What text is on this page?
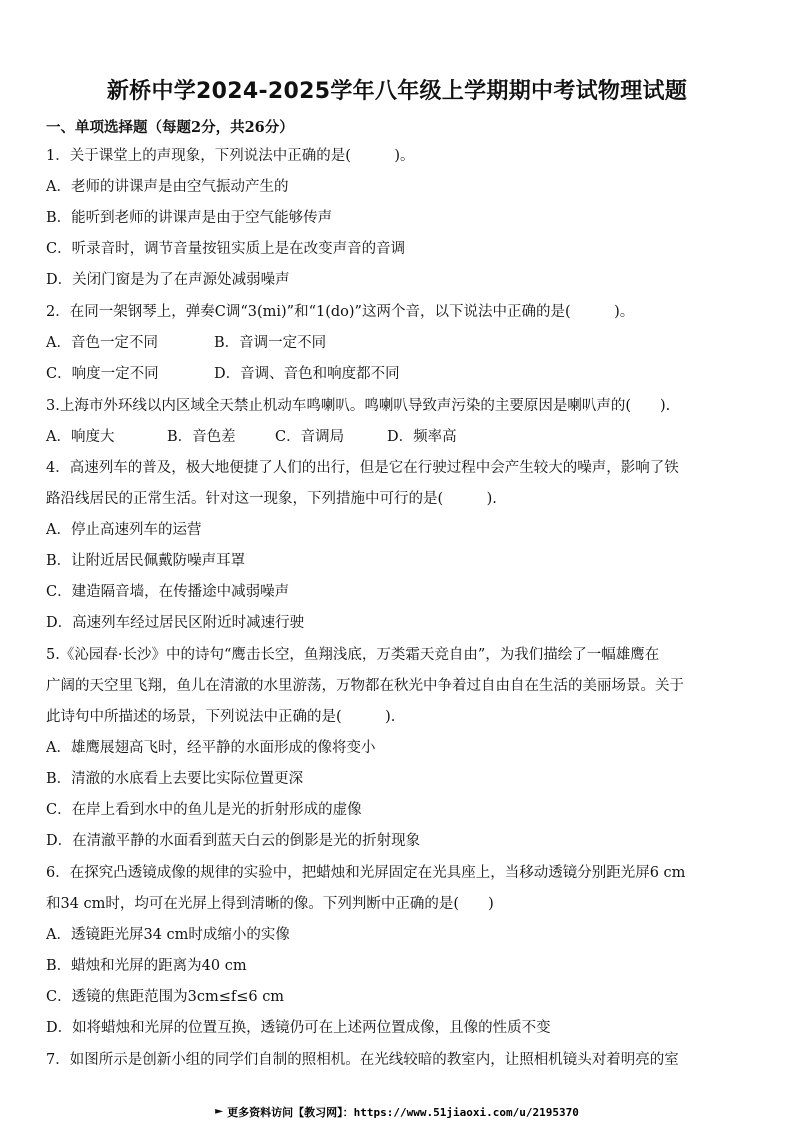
新桥中学2024-2025学年八年级上学期期中考试物理试题
一、单项选择题（每题2分，共26分）
1．关于课堂上的声现象，下列说法中正确的是(　　　)。
A．老师的讲课声是由空气振动产生的
B．能听到老师的讲课声是由于空气能够传声
C．听录音时，调节音量按钮实质上是在改变声音的音调
D．关闭门窗是为了在声源处减弱噪声
2．在同一架钢琴上，弹奏C调“3(mi)”和“1(do)”这两个音，以下说法中正确的是(　　　)。
A．音色一定不同	B．音调一定不同
C．响度一定不同	D．音调、音色和响度都不同
3.上海市外环线以内区域全天禁止机动车鸣喇叭。鸣喇叭导致声污染的主要原因是喇叭声的(　　).
A．响度大	B．音色差	C．音调局	D．频率高
4．高速列车的普及，极大地便捷了人们的出行，但是它在行驶过程中会产生较大的噪声，影响了铁
路沿线居民的正常生活。针对这一现象，下列措施中可行的是(　　　).
A．停止高速列车的运营
B．让附近居民佩戴防噪声耳罩
C．建造隔音墙，在传播途中减弱噪声
D．高速列车经过居民区附近时减速行驶
5.《沁园春·长沙》中的诗句“鹰击长空，鱼翔浅底，万类霜天竞自由”，为我们描绘了一幅雄鹰在
广阔的天空里飞翔，鱼儿在清澈的水里游荡，万物都在秋光中争着过自由自在生活的美丽场景。关于
此诗句中所描述的场景，下列说法中正确的是(　　　).
A．雄鹰展翅高飞时，经平静的水面形成的像将变小
B．清澈的水底看上去要比实际位置更深
C．在岸上看到水中的鱼儿是光的折射形成的虚像
D．在清澈平静的水面看到蓝天白云的倒影是光的折射现象
6．在探究凸透镜成像的规律的实验中，把蜡烛和光屏固定在光具座上，当移动透镜分别距光屏6 cm
和34 cm时，均可在光屏上得到清晰的像。下列判断中正确的是(　　)
A．透镜距光屏34 cm时成缩小的实像
B．蜡烛和光屏的距离为40 cm
C．透镜的焦距范围为3cm≤f≤6 cm
D．如将蜡烛和光屏的位置互换，透镜仍可在上述两位置成像，且像的性质不变
7．如图所示是创新小组的同学们自制的照相机。在光线较暗的教室内，让照相机镜头对着明亮的室
更多资料访问【教习网】：https://www.51jiaoxi.com/u/2195370
